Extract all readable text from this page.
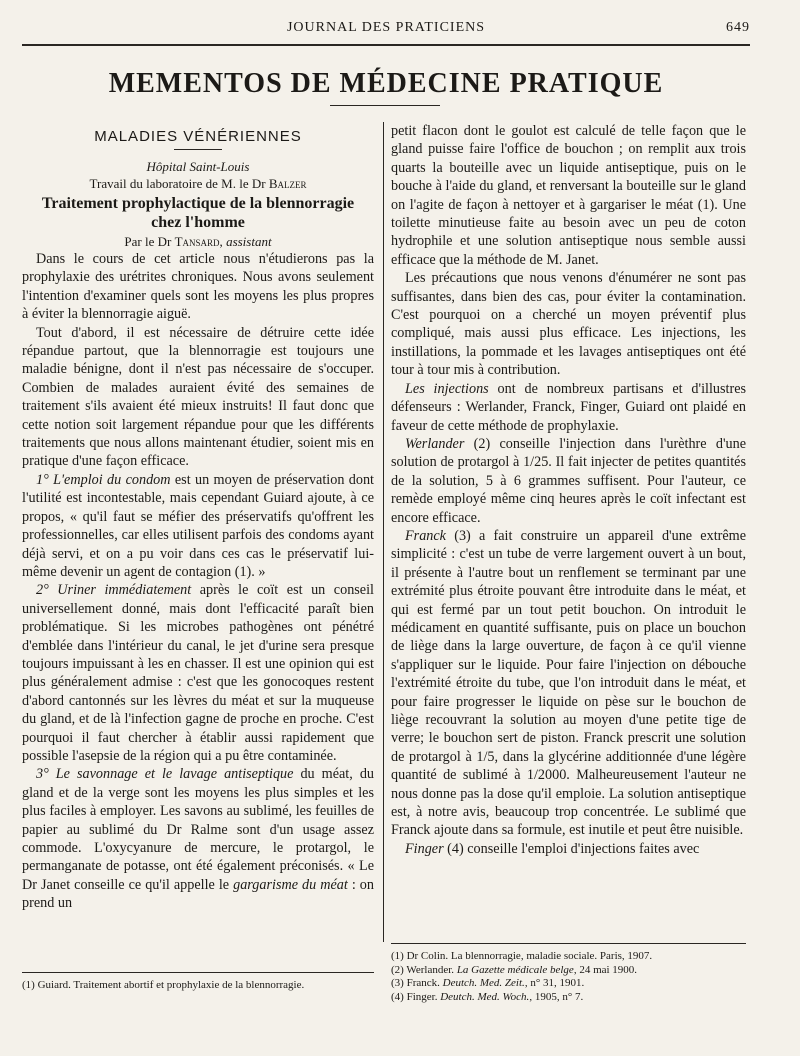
JOURNAL DES PRATICIENS	649
MEMENTOS DE MÉDECINE PRATIQUE
MALADIES VÉNÉRIENNES
Hôpital Saint-Louis
Travail du laboratoire de M. le Dr Balzer
Traitement prophylactique de la blennorragie
chez l'homme
Par le Dr Tansard, assistant

Dans le cours de cet article nous n'étudierons pas la prophylaxie des urétrites chroniques. Nous avons seulement l'intention d'examiner quels sont les moyens les plus propres à éviter la blennorragie aiguë.

Tout d'abord, il est nécessaire de détruire cette idée répandue partout, que la blennorragie est toujours une maladie bénigne, dont il n'est pas nécessaire de s'occuper. Combien de malades auraient évité des semaines de traitement s'ils avaient été mieux instruits! Il faut donc que cette notion soit largement répandue pour que les différents traitements que nous allons maintenant étudier, soient mis en pratique d'une façon efficace.

1° L'emploi du condom est un moyen de préservation dont l'utilité est incontestable, mais cependant Guiard ajoute, à ce propos, « qu'il faut se méfier des préservatifs qu'offrent les professionnelles, car elles utilisent parfois des condoms ayant déjà servi, et on a pu voir dans ces cas le préservatif lui-même devenir un agent de contagion (1). »

2° Uriner immédiatement après le coït est un conseil universellement donné, mais dont l'efficacité paraît bien problématique. Si les microbes pathogènes ont pénétré d'emblée dans l'intérieur du canal, le jet d'urine sera presque toujours impuissant à les en chasser. Il est une opinion qui est plus généralement admise : c'est que les gonocoques restent d'abord cantonnés sur les lèvres du méat et sur la muqueuse du gland, et de là l'infection gagne de proche en proche. C'est pourquoi il faut chercher à établir aussi rapidement que possible l'asepsie de la région qui a pu être contaminée.

3° Le savonnage et le lavage antiseptique du méat, du gland et de la verge sont les moyens les plus simples et les plus faciles à employer. Les savons au sublimé, les feuilles de papier au sublimé du Dr Ralme sont d'un usage assez commode. L'oxycyanure de mercure, le protargol, le permanganate de potasse, ont été également préconisés. « Le Dr Janet conseille ce qu'il appelle le gargarisme du méat : on prend un

petit flacon dont le goulot est calculé de telle façon que le gland puisse faire l'office de bouchon ; on remplit aux trois quarts la bouteille avec un liquide antiseptique, puis on le bouche à l'aide du gland, et renversant la bouteille sur le gland on l'agite de façon à nettoyer et à gargariser le méat (1). Une toilette minutieuse faite au besoin avec un peu de coton hydrophile et une solution antiseptique nous semble aussi efficace que la méthode de M. Janet.

Les précautions que nous venons d'énumérer ne sont pas suffisantes, dans bien des cas, pour éviter la contamination. C'est pourquoi on a cherché un moyen préventif plus compliqué, mais aussi plus efficace. Les injections, les instillations, la pommade et les lavages antiseptiques ont été tour à tour mis à contribution.

Les injections ont de nombreux partisans et d'illustres défenseurs : Werlander, Franck, Finger, Guiard ont plaidé en faveur de cette méthode de prophylaxie.

Werlander (2) conseille l'injection dans l'urèthre d'une solution de protargol à 1/25. Il fait injecter de petites quantités de la solution, 5 à 6 grammes suffisent. Pour l'auteur, ce remède employé même cinq heures après le coït infectant est encore efficace.

Franck (3) a fait construire un appareil d'une extrême simplicité : c'est un tube de verre largement ouvert à un bout, il présente à l'autre bout un renflement se terminant par une extrémité plus étroite pouvant être introduite dans le méat, et qui est fermé par un tout petit bouchon. On introduit le médicament en quantité suffisante, puis on place un bouchon de liège dans la large ouverture, de façon à ce qu'il vienne s'appliquer sur le liquide. Pour faire l'injection on débouche l'extrémité étroite du tube, que l'on introduit dans le méat, et pour faire progresser le liquide on pèse sur le bouchon de liège recouvrant la solution au moyen d'une petite tige de verre; le bouchon sert de piston. Franck prescrit une solution de protargol à 1/5, dans la glycérine additionnée d'une légère quantité de sublimé à 1/2000. Malheureusement l'auteur ne nous donne pas la dose qu'il emploie. La solution antiseptique est, à notre avis, beaucoup trop concentrée. Le sublimé que Franck ajoute dans sa formule, est inutile et peut être nuisible.

Finger (4) conseille l'emploi d'injections faites avec

(1) Dr Colin. La blennorragie, maladie sociale. Paris, 1907.
(2) Werlander. La Gazette médicale belge, 24 mai 1900.
(3) Franck. Deutch. Med. Zeit., n° 31, 1901.
(4) Finger. Deutch. Med. Woch., 1905, n° 7.
(1) Guiard. Traitement abortif et prophylaxie de la blennorragie.
